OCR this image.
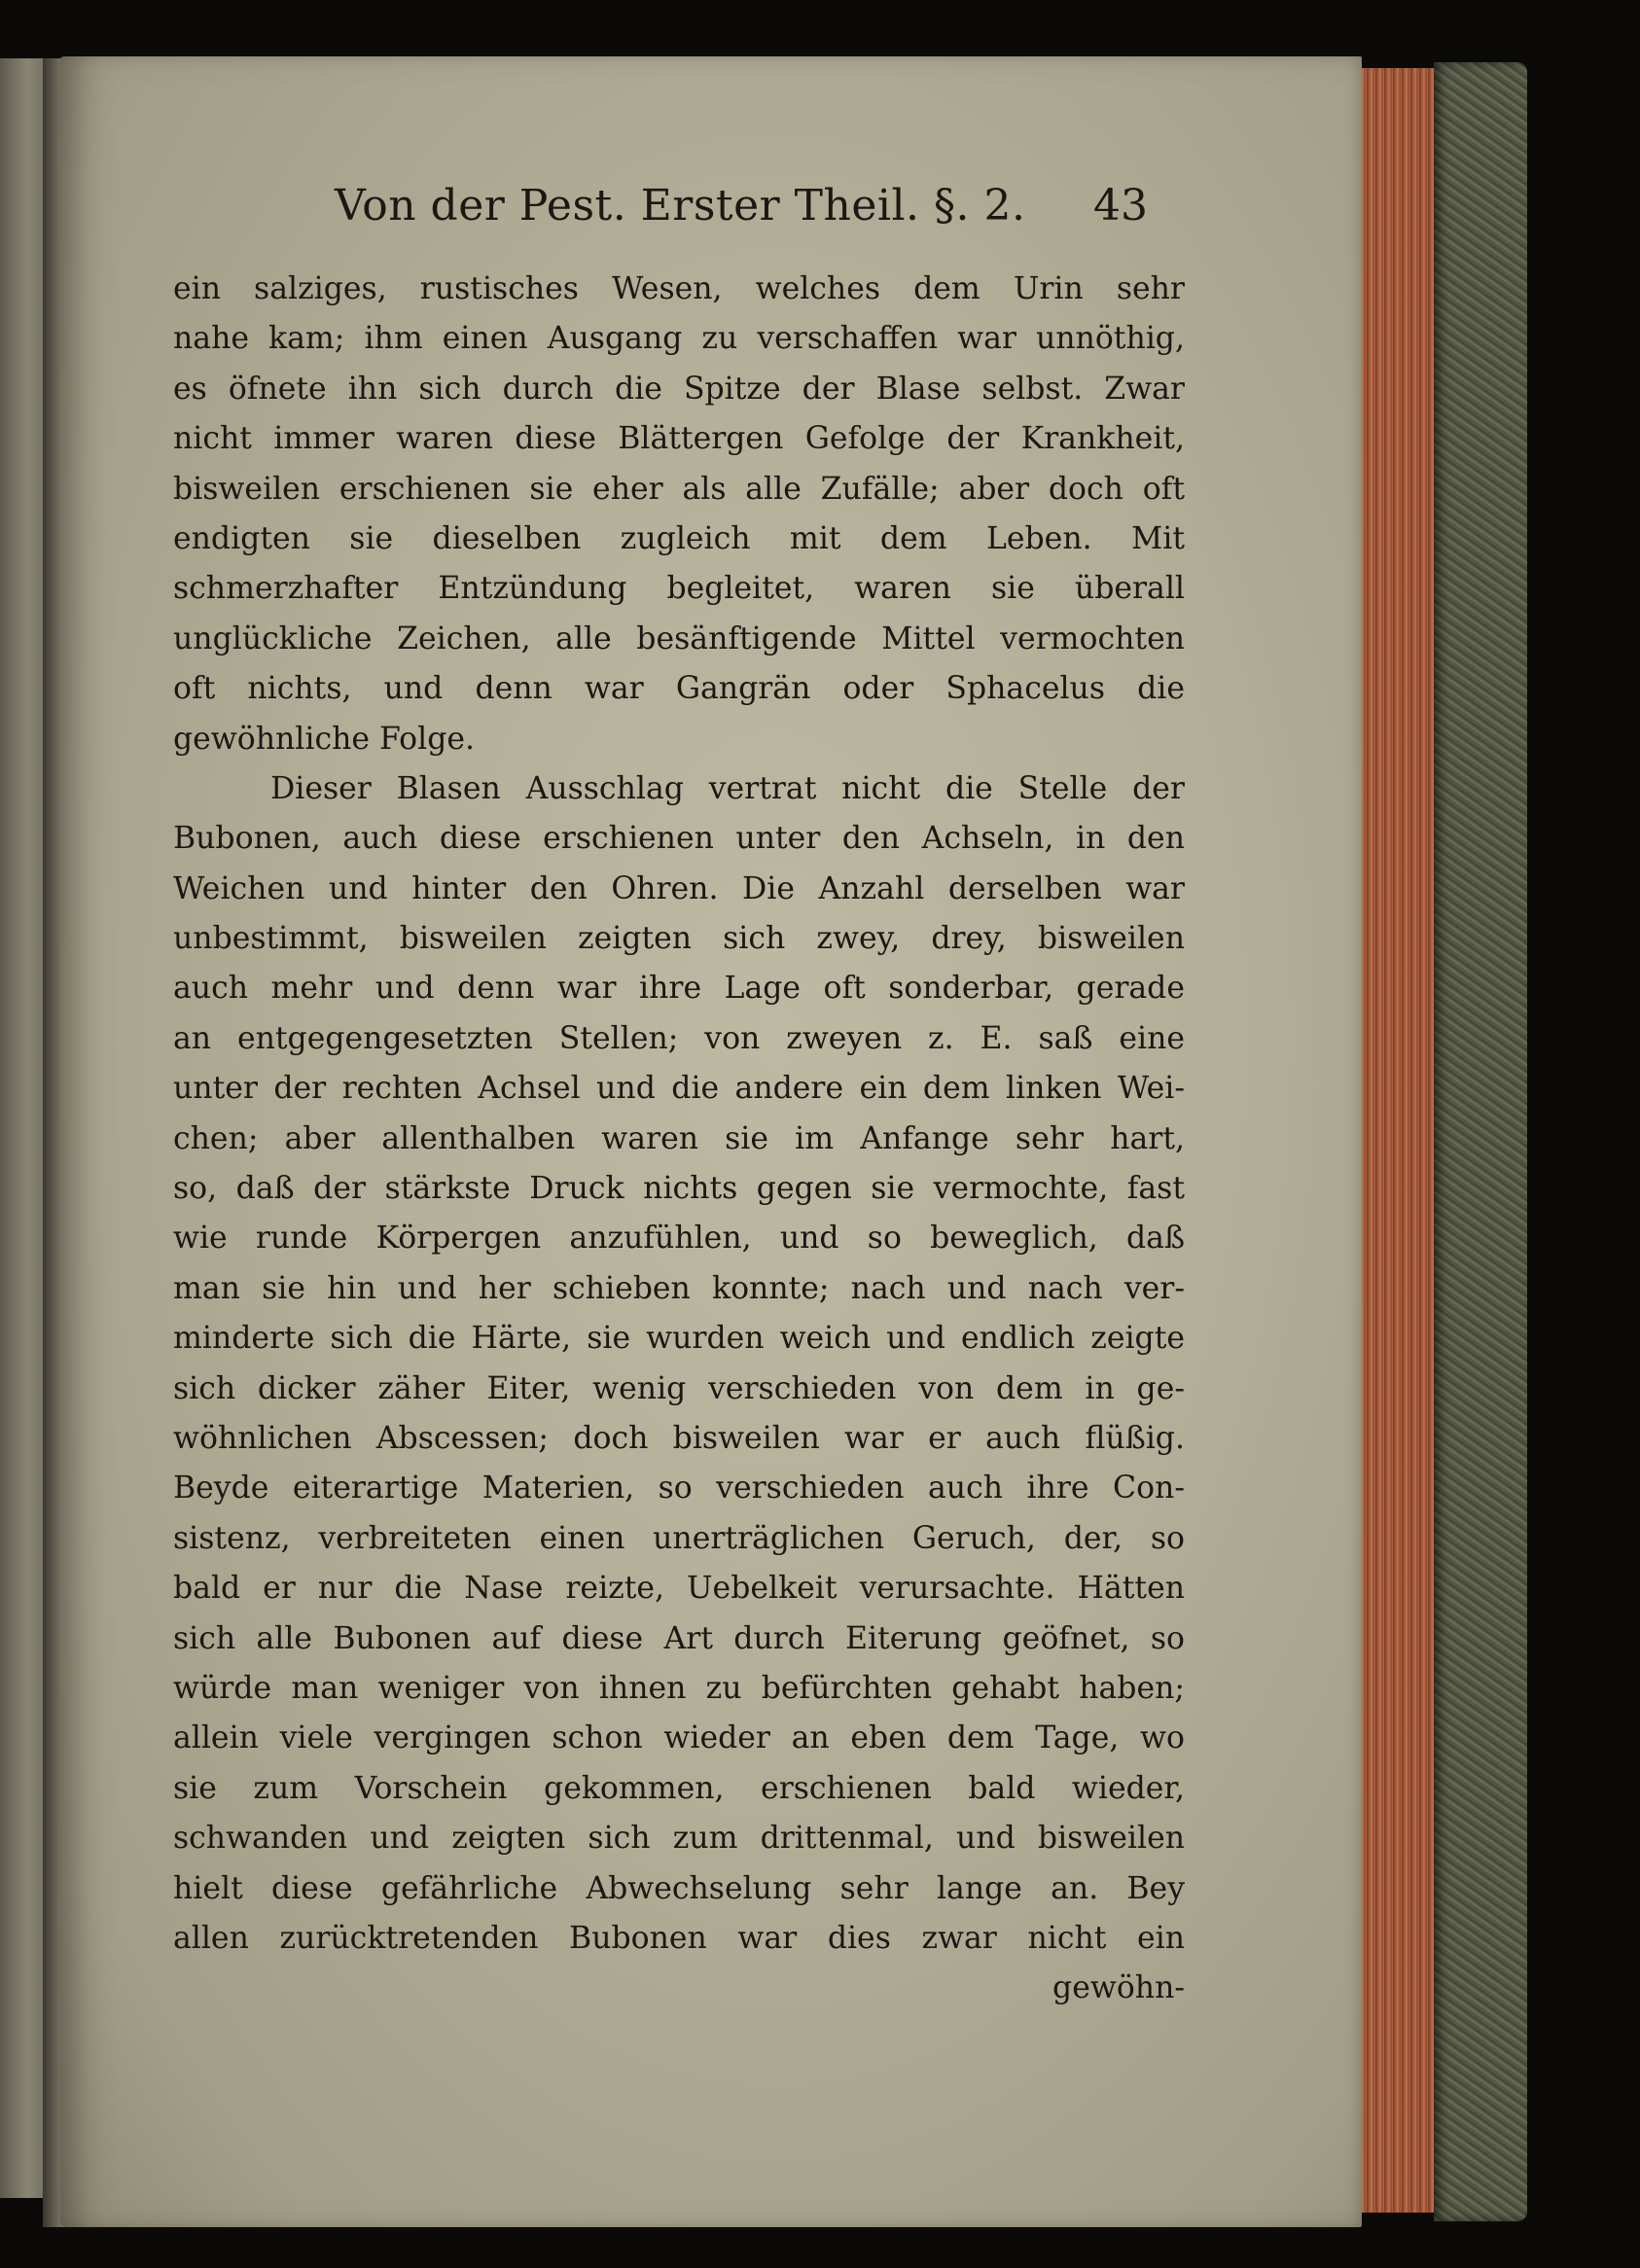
Von der Pest. Erster Theil. §. 2. 43
ein salziges, rustisches Wesen, welches dem Urin sehr
nahe kam; ihm einen Ausgang zu verschaffen war unnöthig,
es öfnete ihn sich durch die Spitze der Blase selbst. Zwar
nicht immer waren diese Blättergen Gefolge der Krankheit,
bisweilen erschienen sie eher als alle Zufälle; aber doch oft
endigten sie dieselben zugleich mit dem Leben. Mit
schmerzhafter Entzündung begleitet, waren sie überall
unglückliche Zeichen, alle besänftigende Mittel vermochten
oft nichts, und denn war Gangrän oder Sphacelus die
gewöhnliche Folge.
Dieser Blasen Ausschlag vertrat nicht die Stelle der
Bubonen, auch diese erschienen unter den Achseln, in den
Weichen und hinter den Ohren. Die Anzahl derselben war
unbestimmt, bisweilen zeigten sich zwey, drey, bisweilen
auch mehr und denn war ihre Lage oft sonderbar, gerade
an entgegengesetzten Stellen; von zweyen z. E. saß eine
unter der rechten Achsel und die andere ein dem linken Wei-
chen; aber allenthalben waren sie im Anfange sehr hart,
so, daß der stärkste Druck nichts gegen sie vermochte, fast
wie runde Körpergen anzufühlen, und so beweglich, daß
man sie hin und her schieben konnte; nach und nach ver-
minderte sich die Härte, sie wurden weich und endlich zeigte
sich dicker zäher Eiter, wenig verschieden von dem in ge-
wöhnlichen Abscessen; doch bisweilen war er auch flüßig.
Beyde eiterartige Materien, so verschieden auch ihre Con-
sistenz, verbreiteten einen unerträglichen Geruch, der, so
bald er nur die Nase reizte, Uebelkeit verursachte. Hätten
sich alle Bubonen auf diese Art durch Eiterung geöfnet, so
würde man weniger von ihnen zu befürchten gehabt haben;
allein viele vergingen schon wieder an eben dem Tage, wo
sie zum Vorschein gekommen, erschienen bald wieder,
schwanden und zeigten sich zum drittenmal, und bisweilen
hielt diese gefährliche Abwechselung sehr lange an. Bey
allen zurücktretenden Bubonen war dies zwar nicht ein
gewöhn-
